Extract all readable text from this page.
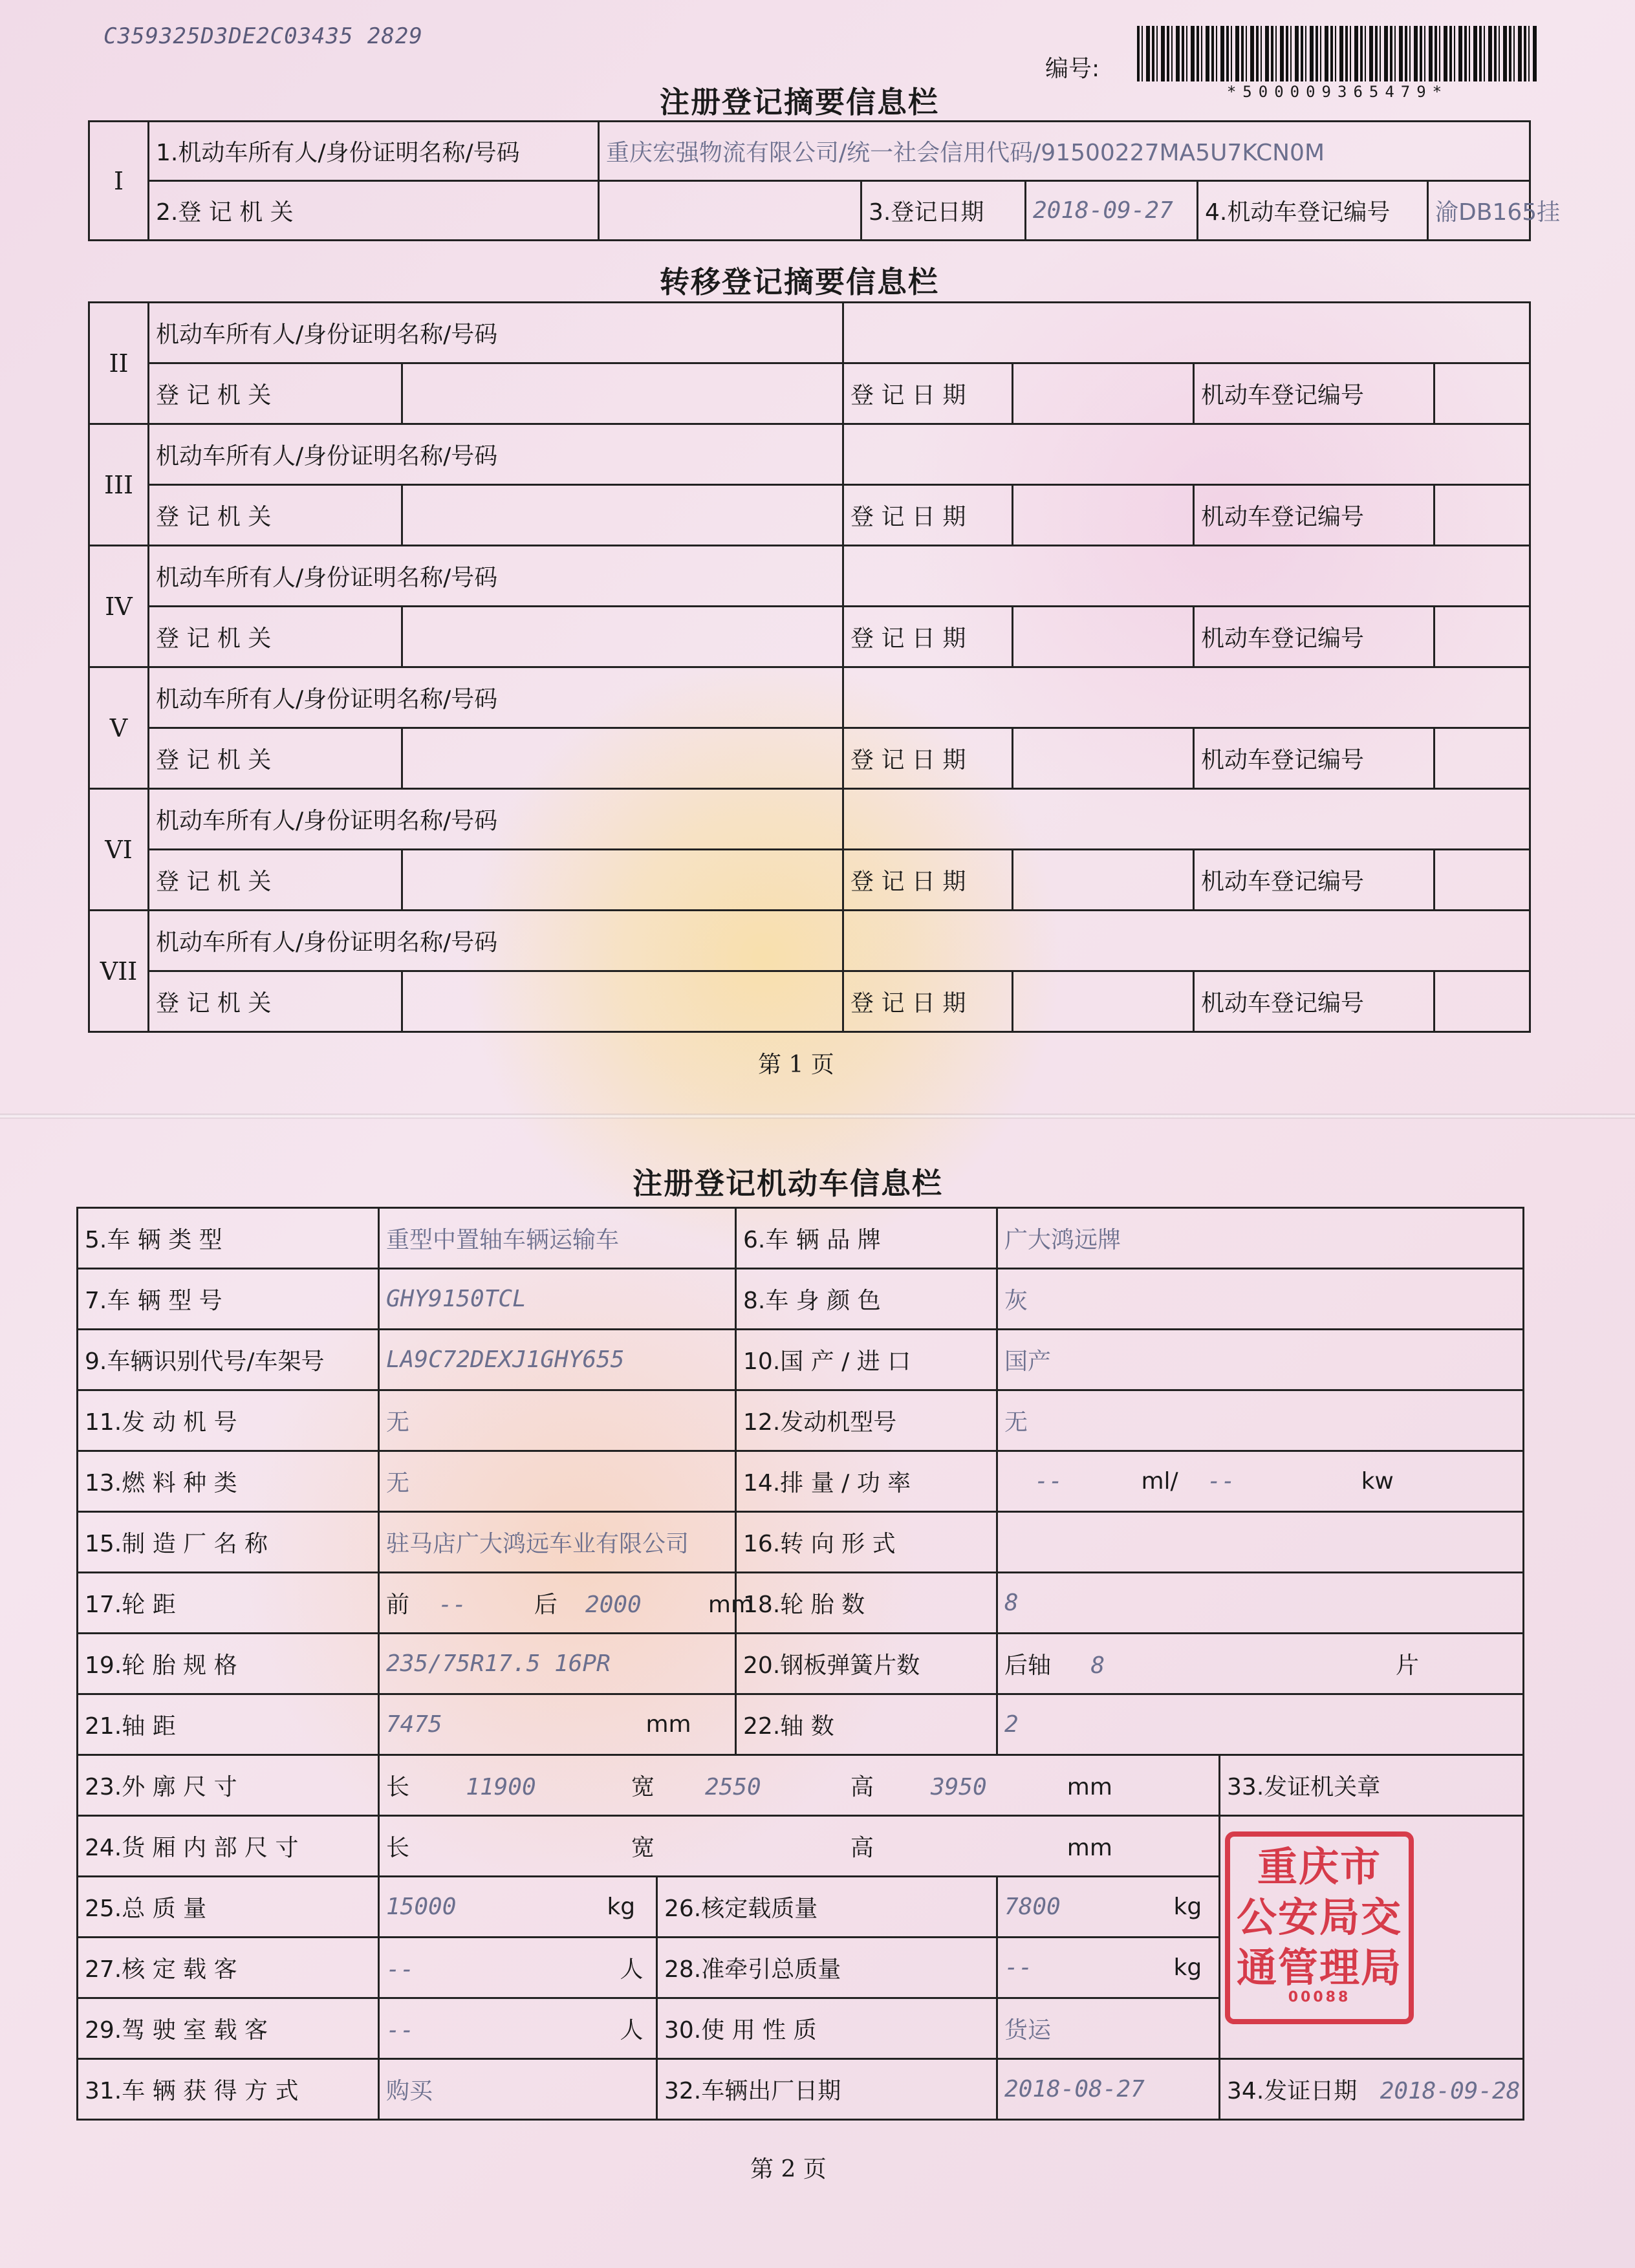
C359325D3DE2C03435 2829
编号:
*500009365479*
注册登记摘要信息栏
I	1.机动车所有人/身份证明名称/号码	重庆宏强物流有限公司/统一社会信用代码/91500227MA5U7KCN0M				
	2.登 记 机 关		3.登记日期	2018-09-27	4.机动车登记编号	渝DB165挂
转移登记摘要信息栏
II	机动车所有人/身份证明名称/号码					
	登 记 机 关		登 记 日 期		机动车登记编号	
III	机动车所有人/身份证明名称/号码					
	登 记 机 关		登 记 日 期		机动车登记编号	
IV	机动车所有人/身份证明名称/号码					
	登 记 机 关		登 记 日 期		机动车登记编号	
V	机动车所有人/身份证明名称/号码					
	登 记 机 关		登 记 日 期		机动车登记编号	
VI	机动车所有人/身份证明名称/号码					
	登 记 机 关		登 记 日 期		机动车登记编号	
VII	机动车所有人/身份证明名称/号码					
	登 记 机 关		登 记 日 期		机动车登记编号	
第 1 页
注册登记机动车信息栏
5.车 辆 类 型	重型中置轴车辆运输车		6.车 辆 品 牌	广大鸿远牌	
7.车 辆 型 号	GHY9150TCL		8.车 身 颜 色	灰	
9.车辆识别代号/车架号	LA9C72DEXJ1GHY655		10.国 产 / 进 口	国产	
11.发 动 机 号	无		12.发动机型号	无	
13.燃 料 种 类	无		14.排 量 / 功 率	-- ml/ -- kw	
15.制 造 厂 名 称	驻马店广大鸿远车业有限公司		16.转 向 形 式		
17.轮 距	前 -- 后 2000 mm		18.轮 胎 数	8	
19.轮 胎 规 格	235/75R17.5 16PR		20.钢板弹簧片数	后轴 8 片	
21.轴 距	7475 mm		22.轴 数	2	
23.外 廓 尺 寸	长 11900 宽 2550 高 3950 mm				33.发证机关章
24.货 厢 内 部 尺 寸	长 宽 高 mm				
25.总 质 量	15000 kg	26.核定载质量		7800 kg	
27.核 定 载 客	-- 人	28.准牵引总质量		-- kg	
29.驾 驶 室 载 客	-- 人	30.使 用 性 质		货运	
31.车 辆 获 得 方 式	购买	32.车辆出厂日期		2018-08-27	34.发证日期 2018-09-28
重庆市
公安局交
通管理局
00088
第 2 页
